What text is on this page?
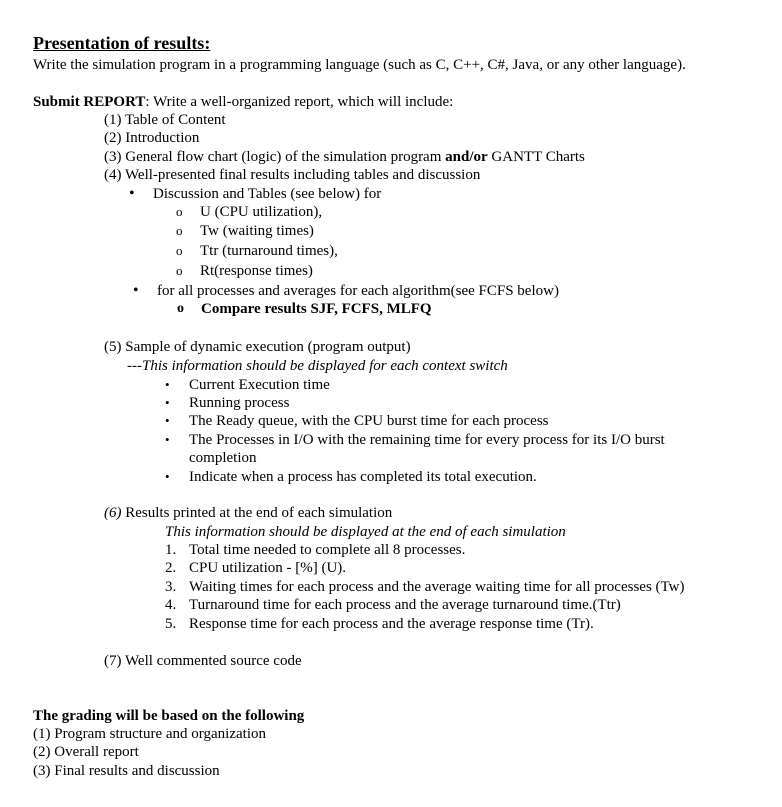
Presentation of results:
Write the simulation program in a programming language (such as C, C++, C#, Java, or any other language).
Submit REPORT: Write a well-organized report, which will include:
(1) Table of Content
(2) Introduction
(3) General flow chart (logic) of the simulation program and/or GANTT Charts
(4) Well-presented final results including tables and discussion
• Discussion and Tables (see below) for
o U (CPU utilization),
o Tw (waiting times)
o Ttr (turnaround times),
o Rt(response times)
• for all processes and averages for each algorithm(see FCFS below)
o Compare results SJF, FCFS, MLFQ
(5) Sample of dynamic execution (program output)
---This information should be displayed for each context switch
• Current Execution time
• Running process
• The Ready queue, with the CPU burst time for each process
• The Processes in I/O with the remaining time for every process for its I/O burst
completion
• Indicate when a process has completed its total execution.
(6) Results printed at the end of each simulation
This information should be displayed at the end of each simulation
1. Total time needed to complete all 8 processes.
2. CPU utilization - [%] (U).
3. Waiting times for each process and the average waiting time for all processes (Tw)
4. Turnaround time for each process and the average turnaround time.(Ttr)
5. Response time for each process and the average response time (Tr).
(7) Well commented source code
The grading will be based on the following
(1) Program structure and organization
(2) Overall report
(3) Final results and discussion
